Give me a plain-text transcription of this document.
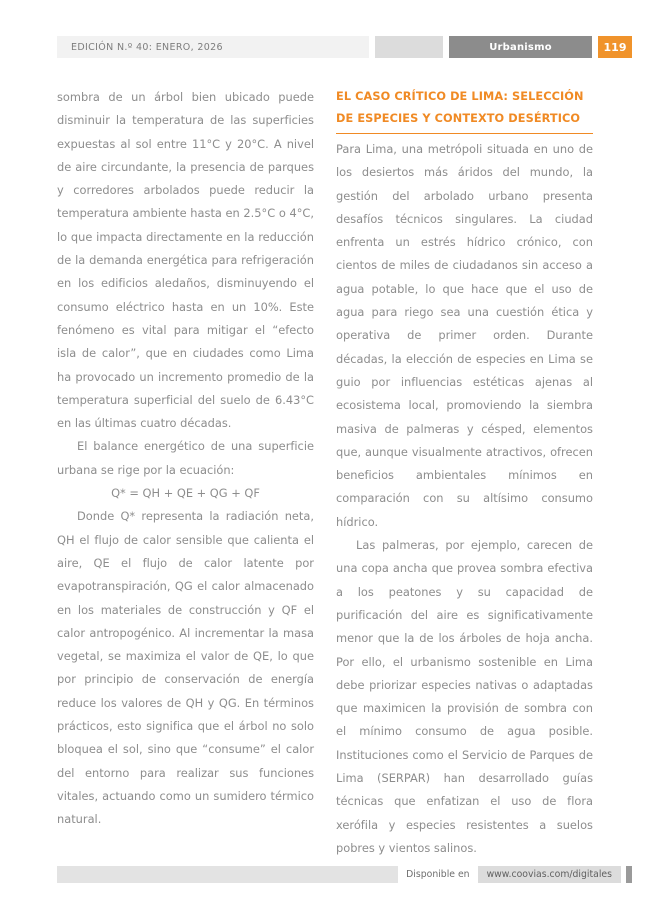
EDICIÓN N.º 40: ENERO, 2026	Urbanismo	119

sombra de un árbol bien ubicado puede disminuir la temperatura de las superficies expuestas al sol entre 11°C y 20°C. A nivel de aire circundante, la presencia de parques y corredores arbolados puede reducir la temperatura ambiente hasta en 2.5°C o 4°C, lo que impacta directamente en la reducción de la demanda energética para refrigeración en los edificios aledaños, disminuyendo el consumo eléctrico hasta en un 10%. Este fenómeno es vital para mitigar el “efecto isla de calor”, que en ciudades como Lima ha provocado un incremento promedio de la temperatura superficial del suelo de 6.43°C en las últimas cuatro décadas.

El balance energético de una superficie urbana se rige por la ecuación:

Q* = QH + QE + QG + QF

Donde Q* representa la radiación neta, QH el flujo de calor sensible que calienta el aire, QE el flujo de calor latente por evapotranspiración, QG el calor almacenado en los materiales de construcción y QF el calor antropogénico. Al incrementar la masa vegetal, se maximiza el valor de QE, lo que por principio de conservación de energía reduce los valores de QH y QG. En términos prácticos, esto significa que el árbol no solo bloquea el sol, sino que “consume” el calor del entorno para realizar sus funciones vitales, actuando como un sumidero térmico natural.

EL CASO CRÍTICO DE LIMA: SELECCIÓN DE ESPECIES Y CONTEXTO DESÉRTICO

Para Lima, una metrópoli situada en uno de los desiertos más áridos del mundo, la gestión del arbolado urbano presenta desafíos técnicos singulares. La ciudad enfrenta un estrés hídrico crónico, con cientos de miles de ciudadanos sin acceso a agua potable, lo que hace que el uso de agua para riego sea una cuestión ética y operativa de primer orden. Durante décadas, la elección de especies en Lima se guio por influencias estéticas ajenas al ecosistema local, promoviendo la siembra masiva de palmeras y césped, elementos que, aunque visualmente atractivos, ofrecen beneficios ambientales mínimos en comparación con su altísimo consumo hídrico.

Las palmeras, por ejemplo, carecen de una copa ancha que provea sombra efectiva a los peatones y su capacidad de purificación del aire es significativamente menor que la de los árboles de hoja ancha. Por ello, el urbanismo sostenible en Lima debe priorizar especies nativas o adaptadas que maximicen la provisión de sombra con el mínimo consumo de agua posible. Instituciones como el Servicio de Parques de Lima (SERPAR) han desarrollado guías técnicas que enfatizan el uso de flora xerófila y especies resistentes a suelos pobres y vientos salinos.

Disponible en	www.coovias.com/digitales
